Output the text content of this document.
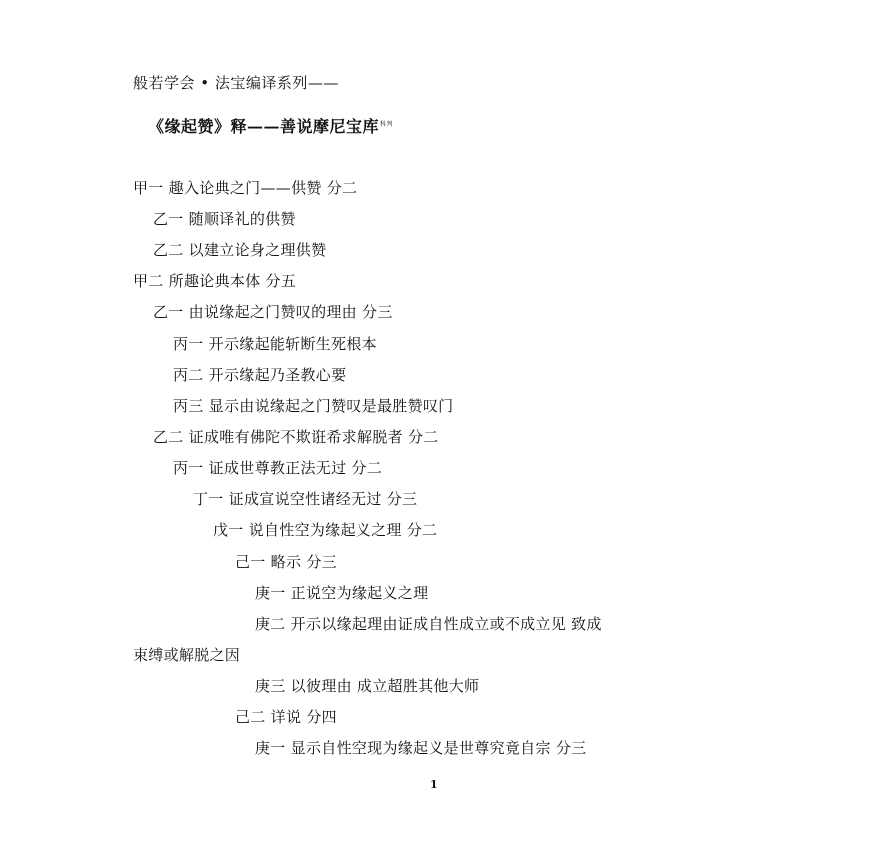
般若学会 • 法宝编译系列——
《缘起赞》释——善说摩尼宝库科判
甲一 趣入论典之门——供赞 分二
乙一 随顺译礼的供赞
乙二 以建立论身之理供赞
甲二 所趣论典本体 分五
乙一 由说缘起之门赞叹的理由 分三
丙一 开示缘起能斩断生死根本
丙二 开示缘起乃圣教心要
丙三 显示由说缘起之门赞叹是最胜赞叹门
乙二 证成唯有佛陀不欺诳希求解脱者 分二
丙一 证成世尊教正法无过 分二
丁一 证成宣说空性诸经无过 分三
戊一 说自性空为缘起义之理 分二
己一 略示 分三
庚一 正说空为缘起义之理
庚二 开示以缘起理由证成自性成立或不成立见 致成
束缚或解脱之因
庚三 以彼理由 成立超胜其他大师
己二 详说 分四
庚一 显示自性空现为缘起义是世尊究竟自宗 分三
1
